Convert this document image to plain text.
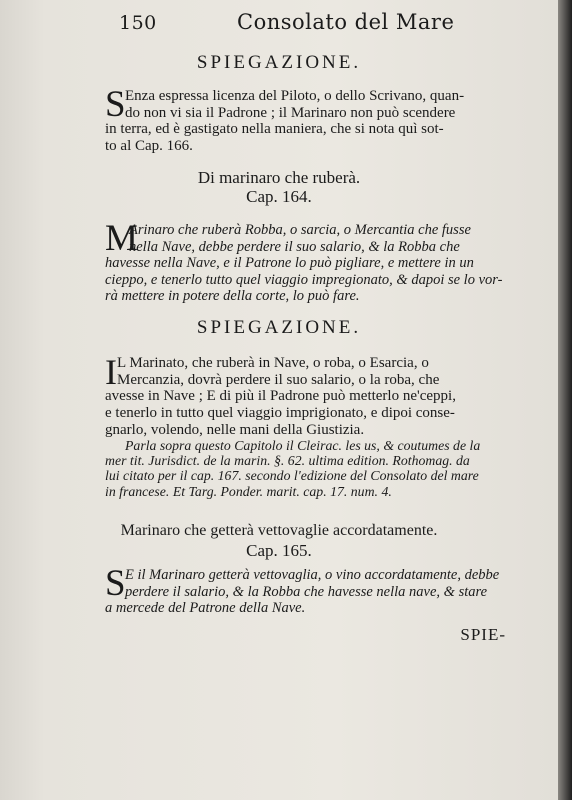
150	Consolato del Mare
SPIEGAZIONE.
S Enza espressa licenza del Piloto, o dello Scrivano, quan-
do non vi sia il Padrone ; il Marinaro non può scendere
in terra, ed è gastigato nella maniera, che si nota quì sot-
to al Cap. 166.
Di marinaro che ruberà.
Cap. 164.
M
Arinaro che ruberà Robba, o sarcia, o Mercantia che fusse
nella Nave, debbe perdere il suo salario, & la Robba che
havesse nella Nave, e il Patrone lo può pigliare, e mettere in un
cieppo, e tenerlo tutto quel viaggio impregionato, & dapoi se lo vor-
rà mettere in potere della corte, lo può fare.
SPIEGAZIONE.
I L Marinato, che ruberà in Nave, o roba, o Esarcia, o
Mercanzia, dovrà perdere il suo salario, o la roba, che
avesse in Nave ; E di più il Padrone può metterlo ne'ceppi,
e tenerlo in tutto quel viaggio imprigionato, e dipoi conse-
gnarlo, volendo, nelle mani della Giustizia.
Parla sopra questo Capitolo il Cleirac. les us, & coutumes de la
mer tit. Jurisdict. de la marin. §. 62. ultima edition. Rothomag. da
lui citato per il cap. 167. secondo l'edizione del Consolato del mare
in francese. Et Targ. Ponder. marit. cap. 17. num. 4.
Marinaro che getterà vettovaglie accordatamente.
Cap. 165.
S E il Marinaro getterà vettovaglia, o vino accordatamente, debbe
perdere il salario, & la Robba che havesse nella nave, & stare
a mercede del Patrone della Nave.
SPIE-
